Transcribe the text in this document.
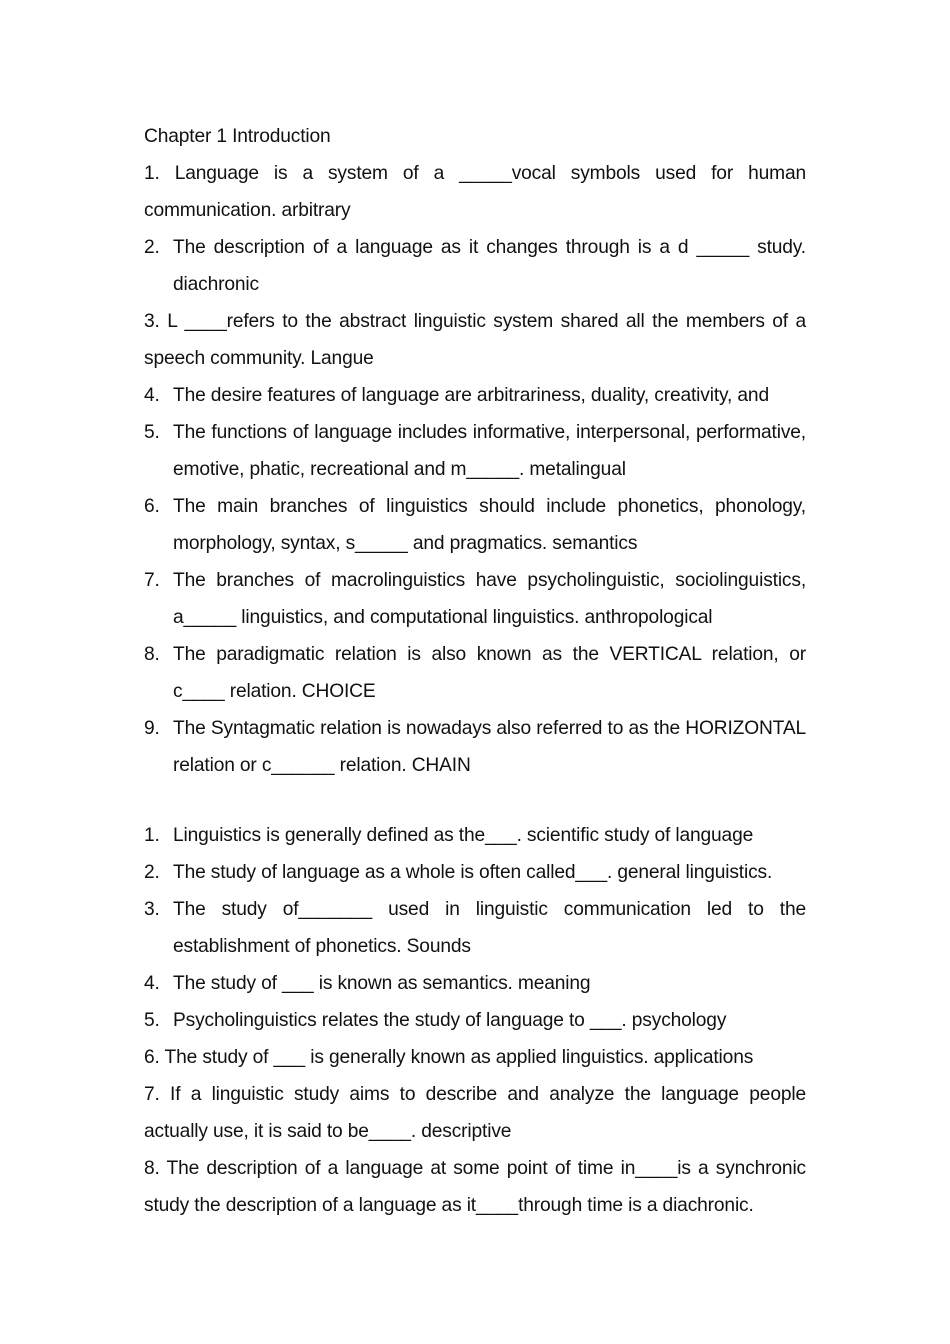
Chapter 1 Introduction

1. Language is a system of a _____vocal symbols used for human communication. arbitrary

2. The description of a language as it changes through is a d _____ study. diachronic

3. L ____refers to the abstract linguistic system shared all the members of a speech community. Langue

4. The desire features of language are arbitrariness, duality, creativity, and
5. The functions of language includes informative, interpersonal, performative, emotive, phatic, recreational and m_____. metalingual
6. The main branches of linguistics should include phonetics, phonology, morphology, syntax, s_____ and pragmatics. semantics
7. The branches of macrolinguistics have psycholinguistic, sociolinguistics, a_____ linguistics, and computational linguistics. anthropological
8. The paradigmatic relation is also known as the VERTICAL relation, or c____ relation. CHOICE
9. The Syntagmatic relation is nowadays also referred to as the HORIZONTAL relation or c______ relation. CHAIN
1. Linguistics is generally defined as the___. scientific study of language
2. The study of language as a whole is often called___. general linguistics.
3. The study of_______ used in linguistic communication led to the establishment of phonetics. Sounds
4. The study of ___ is known as semantics. meaning
5. Psycholinguistics relates the study of language to ___. psychology

6. The study of ___ is generally known as applied linguistics. applications

7. If a linguistic study aims to describe and analyze the language people actually use, it is said to be____. descriptive

8. The description of a language at some point of time in____is a synchronic study the description of a language as it____through time is a diachronic.
